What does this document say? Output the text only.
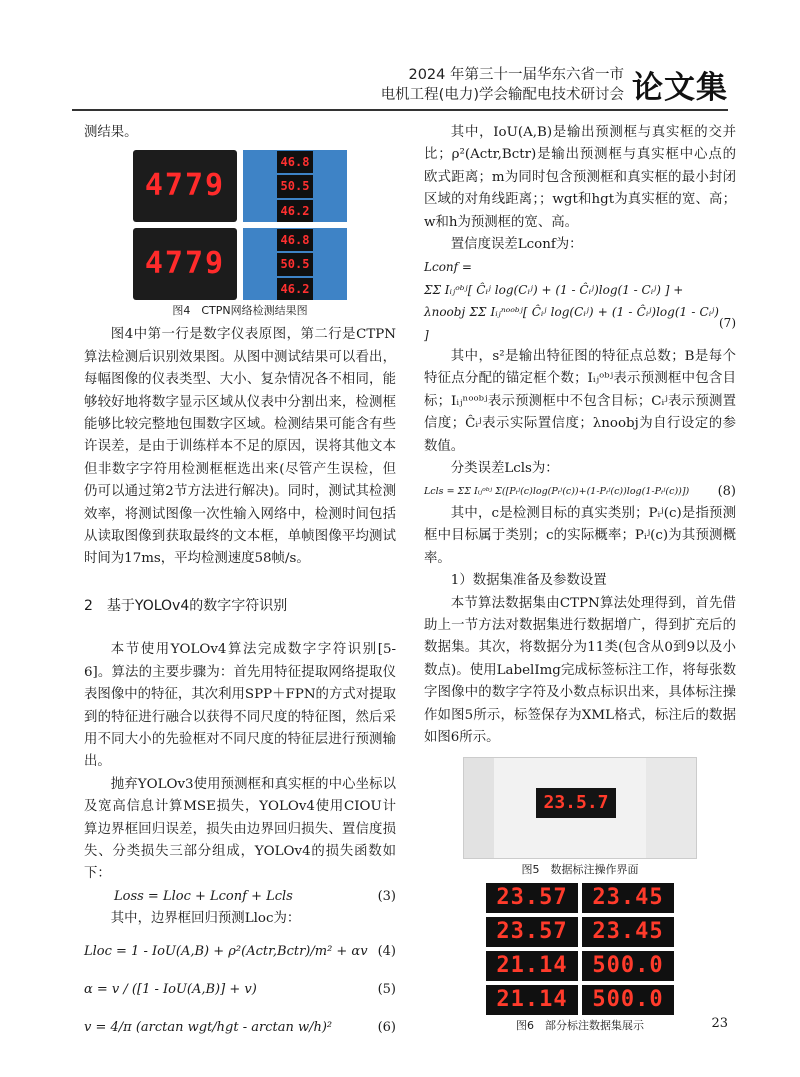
2024 年第三十一届华东六省一市
电机工程(电力)学会输配电技术研讨会 论文集

测结果。

4779
46.8
50.5
46.2
4779
46.8
50.5
46.2
图4　CTPN网络检测结果图

图4中第一行是数字仪表原图，第二行是CTPN算法检测后识别效果图。从图中测试结果可以看出，每幅图像的仪表类型、大小、复杂情况各不相同，能够较好地将数字显示区域从仪表中分割出来，检测框能够比较完整地包围数字区域。检测结果可能含有些许误差，是由于训练样本不足的原因，误将其他文本但非数字字符用检测框框选出来(尽管产生误检，但仍可以通过第2节方法进行解决)。同时，测试其检测效率，将测试图像一次性输入网络中，检测时间包括从读取图像到获取最终的文本框，单帧图像平均测试时间为17ms，平均检测速度58帧/s。

2　基于YOLOv4的数字字符识别

本节使用YOLOv4算法完成数字字符识别[5-6]。算法的主要步骤为：首先用特征提取网络提取仪表图像中的特征，其次利用SPP＋FPN的方式对提取到的特征进行融合以获得不同尺度的特征图，然后采用不同大小的先验框对不同尺度的特征层进行预测输出。

抛弃YOLOv3使用预测框和真实框的中心坐标以及宽高信息计算MSE损失，YOLOv4使用CIOU计算边界框回归误差，损失由边界回归损失、置信度损失、分类损失三部分组成，YOLOv4的损失函数如下：

Loss = Lloc + Lconf + Lcls	(3)

其中，边界框回归预测Lloc为：

Lloc = 1 - IoU(A,B) + ρ²(Actr,Bctr)/m² + αv (4)
α = v / ([1 - IoU(A,B)] + v)	(5)
v = 4/π (arctan wgt/hgt - arctan w/h)²	(6)

其中，IoU(A,B)是输出预测框与真实框的交并比；ρ²(Actr,Bctr)是输出预测框与真实框中心点的欧式距离；m为同时包含预测框和真实框的最小封闭区域的对角线距离；；wgt和hgt为真实框的宽、高；w和h为预测框的宽、高。

置信度误差Lconf为：

Lconf =
ΣΣ Iᵢⱼᵒᵇʲ[ Ĉᵢʲ log(Cᵢʲ) + (1 - Ĉᵢʲ)log(1 - Cᵢʲ) ] +
λnoobj ΣΣ Iᵢⱼⁿᵒᵒᵇʲ[ Ĉᵢʲ log(Cᵢʲ) + (1 - Ĉᵢʲ)log(1 - Cᵢʲ) ]
(7)

其中，s²是输出特征图的特征点总数；B是每个特征点分配的锚定框个数；Iᵢⱼᵒᵇʲ表示预测框中包含目标；Iᵢⱼⁿᵒᵒᵇʲ表示预测框中不包含目标；Cᵢʲ表示预测置信度；Ĉᵢʲ表示实际置信度；λnoobj为自行设定的参数值。

分类误差Lcls为：

Lcls = ΣΣ Iᵢⱼᵒᵇʲ Σ([Pᵢʲ(c)log(Pᵢʲ(c))+(1-Pᵢʲ(c))log(1-Pᵢʲ(c))]) (8)

其中，c是检测目标的真实类别；Pᵢʲ(c)是指预测框中目标属于类别；c的实际概率；Pᵢʲ(c)为其预测概率。

1）数据集准备及参数设置

本节算法数据集由CTPN算法处理得到，首先借助上一节方法对数据集进行数据增广，得到扩充后的数据集。其次，将数据分为11类(包含从0到9以及小数点)。使用LabelImg完成标签标注工作，将每张数字图像中的数字字符及小数点标识出来，具体标注操作如图5所示，标签保存为XML格式，标注后的数据如图6所示。

23.5.7
图5　数据标注操作界面
23.57 23.45
23.57 23.45
21.14 500.0
21.14 500.0
图6　部分标注数据集展示	23
